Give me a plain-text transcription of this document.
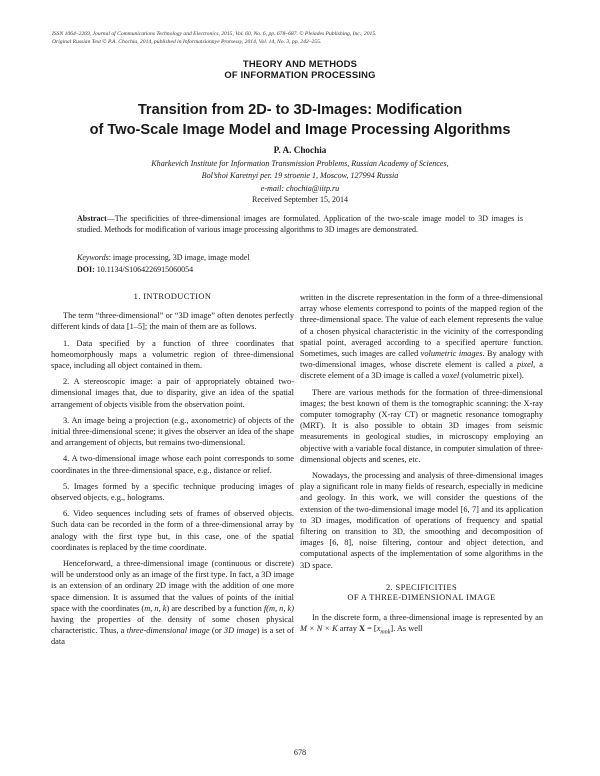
ISSN 1064–2269, Journal of Communications Technology and Electronics, 2015, Vol. 60, No. 6, pp. 678–687. © Pleiades Publishing, Inc., 2015.
Original Russian Text © P.A. Chochia, 2014, published in Informatsionnye Protsessy, 2014, Vol. 14, No. 3, pp. 242–255.
THEORY AND METHODS
OF INFORMATION PROCESSING
Transition from 2D- to 3D-Images: Modification
of Two-Scale Image Model and Image Processing Algorithms
P. A. Chochia
Kharkevich Institute for Information Transmission Problems, Russian Academy of Sciences,
Bol’shoi Karetnyi per. 19 stroenie 1, Moscow, 127994 Russia
e-mail: chochia@iitp.ru
Received September 15, 2014
Abstract—The specificities of three-dimensional images are formulated. Application of the two-scale image model to 3D images is studied. Methods for modification of various image processing algorithms to 3D images are demonstrated.
Keywords: image processing, 3D image, image model
DOI: 10.1134/S1064226915060054
1. INTRODUCTION

The term “three-dimensional” or “3D image” often denotes perfectly different kinds of data [1–5]; the main of them are as follows.

1. Data specified by a function of three coordinates that homeomorphously maps a volumetric region of three-dimensional space, including all object contained in them.

2. A stereoscopic image: a pair of appropriately obtained two-dimensional images that, due to disparity, give an idea of the spatial arrangement of objects visible from the observation point.

3. An image being a projection (e.g., axonometric) of objects of the initial three-dimensional scene; it gives the observer an idea of the shape and arrangement of objects, but remains two-dimensional.

4. A two-dimensional image whose each point corresponds to some coordinates in the three-dimensional space, e.g., distance or relief.

5. Images formed by a specific technique producing images of observed objects, e.g., holograms.

6. Video sequences including sets of frames of observed objects. Such data can be recorded in the form of a three-dimensional array by analogy with the first type but, in this case, one of the spatial coordinates is replaced by the time coordinate.

Henceforward, a three-dimensional image (continuous or discrete) will be understood only as an image of the first type. In fact, a 3D image is an extension of an ordinary 2D image with the addition of one more space dimension. It is assumed that the values of points of the initial space with the coordinates (m, n, k) are described by a function f(m, n, k) having the properties of the density of some chosen physical characteristic. Thus, a three-dimensional image (or 3D image) is a set of data

written in the discrete representation in the form of a three-dimensional array whose elements correspond to points of the mapped region of the three-dimensional space. The value of each element represents the value of a chosen physical characteristic in the vicinity of the corresponding spatial point, averaged according to a specified aperture function. Sometimes, such images are called volumetric images. By analogy with two-dimensional images, whose discrete element is called a pixel, a discrete element of a 3D image is called a voxel (volumetric pixel).

There are various methods for the formation of three-dimensional images; the best known of them is the tomographic scanning: the X-ray computer tomography (X-ray CT) or magnetic resonance tomography (MRT). It is also possible to obtain 3D images from seismic measurements in geological studies, in microscopy employing an objective with a variable focal distance, in computer simulation of three-dimensional objects and scenes, etc.

Nowadays, the processing and analysis of three-dimensional images play a significant role in many fields of research, especially in medicine and geology. In this work, we will consider the questions of the extension of the two-dimensional image model [6, 7] and its application to 3D images, modification of operations of frequency and spatial filtering on transition to 3D, the smoothing and decomposition of images [6, 8], noise filtering, contour and object detection, and computational aspects of the implementation of some algorithms in the 3D space.

2. SPECIFICITIES
OF A THREE-DIMENSIONAL IMAGE

In the discrete form, a three-dimensional image is represented by an M × N × K array $X = [x_{mnk}]$. As well

678
